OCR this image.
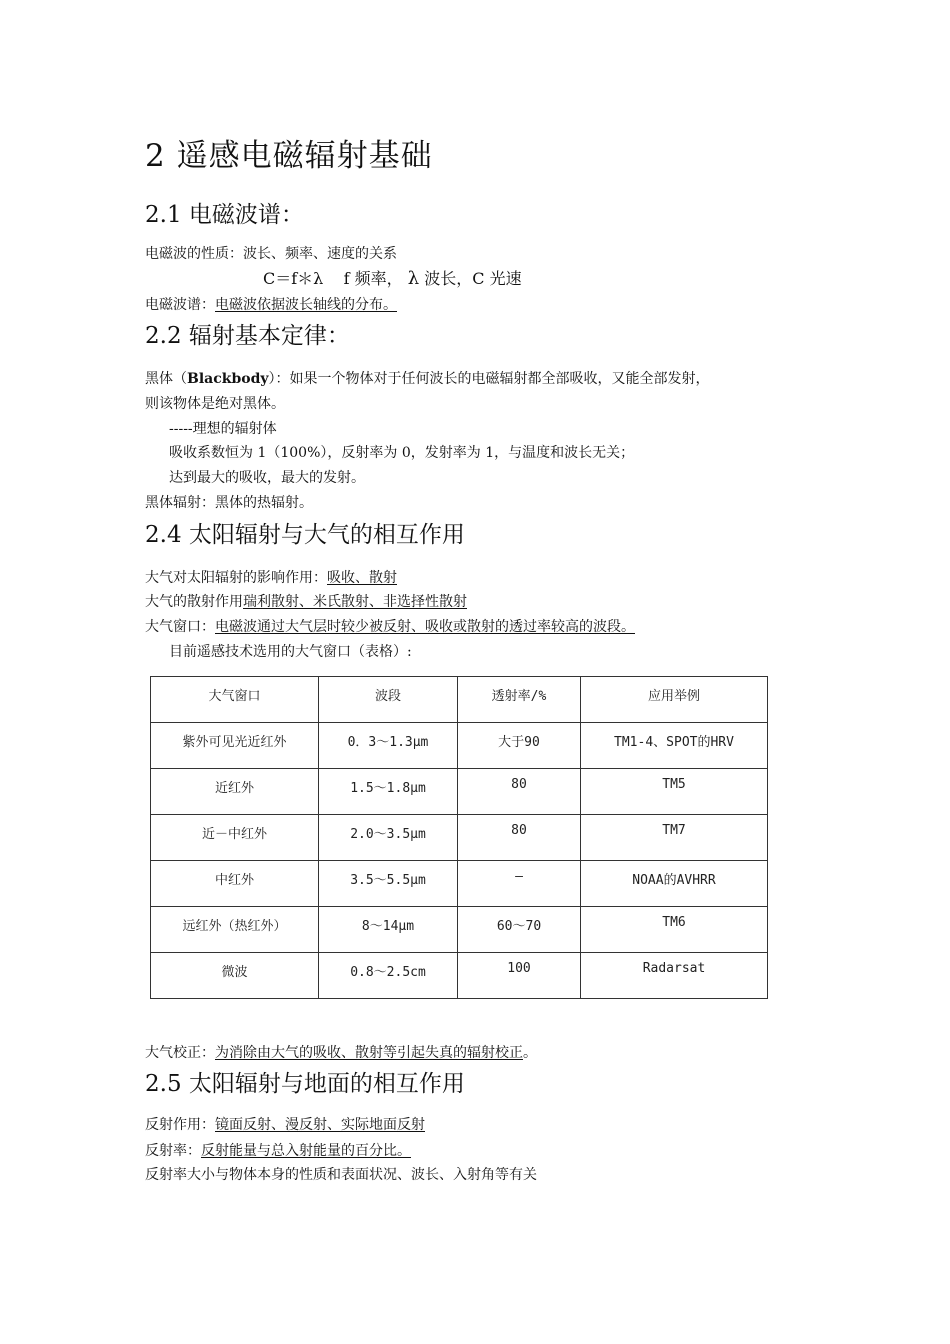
2 遥感电磁辐射基础
2.1 电磁波谱：
电磁波的性质：波长、频率、速度的关系
C＝f＊λ f 频率， λ 波长，C 光速
电磁波谱：电磁波依据波长轴线的分布。
2.2 辐射基本定律：
黑体（Blackbody）：如果一个物体对于任何波长的电磁辐射都全部吸收，又能全部发射，
则该物体是绝对黑体。
-----理想的辐射体
吸收系数恒为 1（100%），反射率为 0，发射率为 1，与温度和波长无关；
达到最大的吸收，最大的发射。
黑体辐射：黑体的热辐射。
2.4 太阳辐射与大气的相互作用
大气对太阳辐射的影响作用：吸收、散射
大气的散射作用瑞利散射、米氏散射、非选择性散射
大气窗口：电磁波通过大气层时较少被反射、吸收或散射的透过率较高的波段。
目前遥感技术选用的大气窗口（表格）:
大气窗口	波段	透射率/%	应用举例
紫外可见光近红外	0．3～1.3μm	大于90	TM1-4、SPOT的HRV
近红外	1.5～1.8μm	80	TM5
近－中红外	2.0～3.5μm	80	TM7
中红外	3.5～5.5μm	—	NOAA的AVHRR
远红外（热红外）	8～14μm	60～70	TM6
微波	0.8～2.5cm	100	Radarsat
大气校正：为消除由大气的吸收、散射等引起失真的辐射校正。
2.5 太阳辐射与地面的相互作用
反射作用：镜面反射、漫反射、实际地面反射
反射率：反射能量与总入射能量的百分比。
反射率大小与物体本身的性质和表面状况、波长、入射角等有关
